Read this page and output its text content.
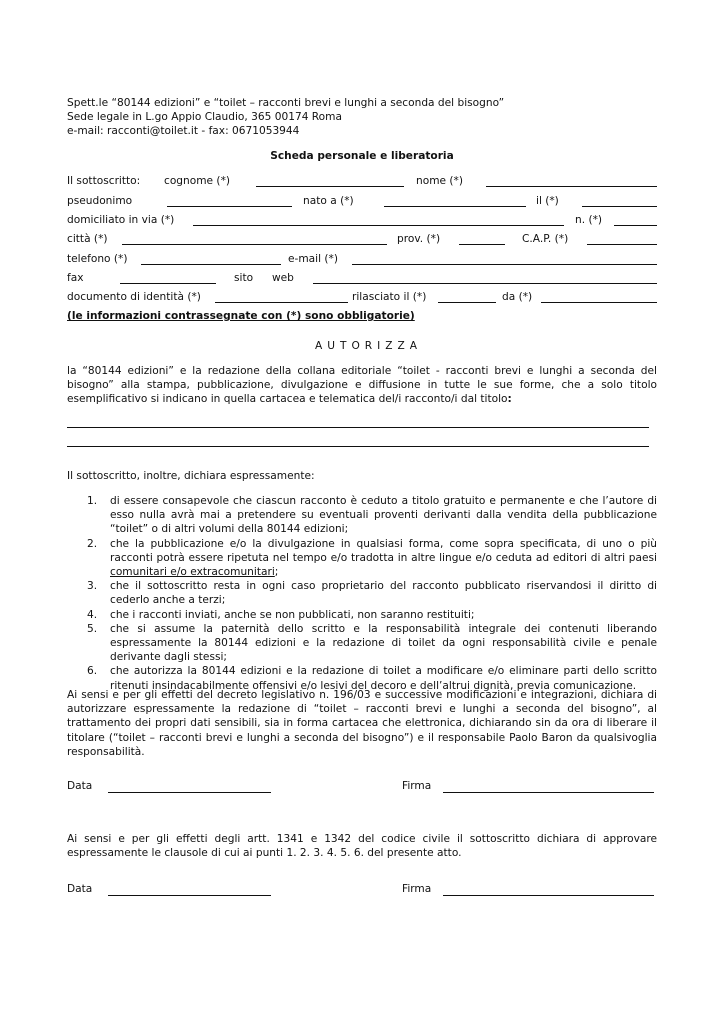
Spett.le “80144 edizioni” e “toilet – racconti brevi e lunghi a seconda del bisogno”
Sede legale in L.go Appio Claudio, 365 00174 Roma
e-mail: racconti@toilet.it - fax: 0671053944
Scheda personale e liberatoria
Il sottoscritto: cognome (*)	nome (*)
pseudonimo	nato a (*)	il (*)
domiciliato in via (*)	n. (*)
città (*)	prov. (*)	C.A.P. (*)
telefono (*)	e-mail (*)
fax	sito web
documento di identità (*)	rilasciato il (*)	da (*)
(le informazioni contrassegnate con (*) sono obbligatorie)
AUTORIZZA
la “80144 edizioni” e la redazione della collana editoriale “toilet - racconti brevi e lunghi a seconda del bisogno” alla stampa, pubblicazione, divulgazione e diffusione in tutte le sue forme, che a solo titolo esemplificativo si indicano in quella cartacea e telematica del/i racconto/i dal titolo:
Il sottoscritto, inoltre, dichiara espressamente:
1. di essere consapevole che ciascun racconto è ceduto a titolo gratuito e permanente e che l’autore di esso nulla avrà mai a pretendere su eventuali proventi derivanti dalla vendita della pubblicazione “toilet” o di altri volumi della 80144 edizioni;
2. che la pubblicazione e/o la divulgazione in qualsiasi forma, come sopra specificata, di uno o più racconti potrà essere ripetuta nel tempo e/o tradotta in altre lingue e/o ceduta ad editori di altri paesi comunitari e/o extracomunitari;
3. che il sottoscritto resta in ogni caso proprietario del racconto pubblicato riservandosi il diritto di cederlo anche a terzi;
4. che i racconti inviati, anche se non pubblicati, non saranno restituiti;
5. che si assume la paternità dello scritto e la responsabilità integrale dei contenuti liberando espressamente la 80144 edizioni e la redazione di toilet da ogni responsabilità civile e penale derivante dagli stessi;
6. che autorizza la 80144 edizioni e la redazione di toilet a modificare e/o eliminare parti dello scritto ritenuti insindacabilmente offensivi e/o lesivi del decoro e dell’altrui dignità, previa comunicazione.
Ai sensi e per gli effetti del decreto legislativo n. 196/03 e successive modificazioni e integrazioni, dichiara di autorizzare espressamente la redazione di “toilet – racconti brevi e lunghi a seconda del bisogno”, al trattamento dei propri dati sensibili, sia in forma cartacea che elettronica, dichiarando sin da ora di liberare il titolare (“toilet – racconti brevi e lunghi a seconda del bisogno”) e il responsabile Paolo Baron da qualsivoglia responsabilità.
Data	Firma
Ai sensi e per gli effetti degli artt. 1341 e 1342 del codice civile il sottoscritto dichiara di approvare espressamente le clausole di cui ai punti 1. 2. 3. 4. 5. 6. del presente atto.
Data	Firma
